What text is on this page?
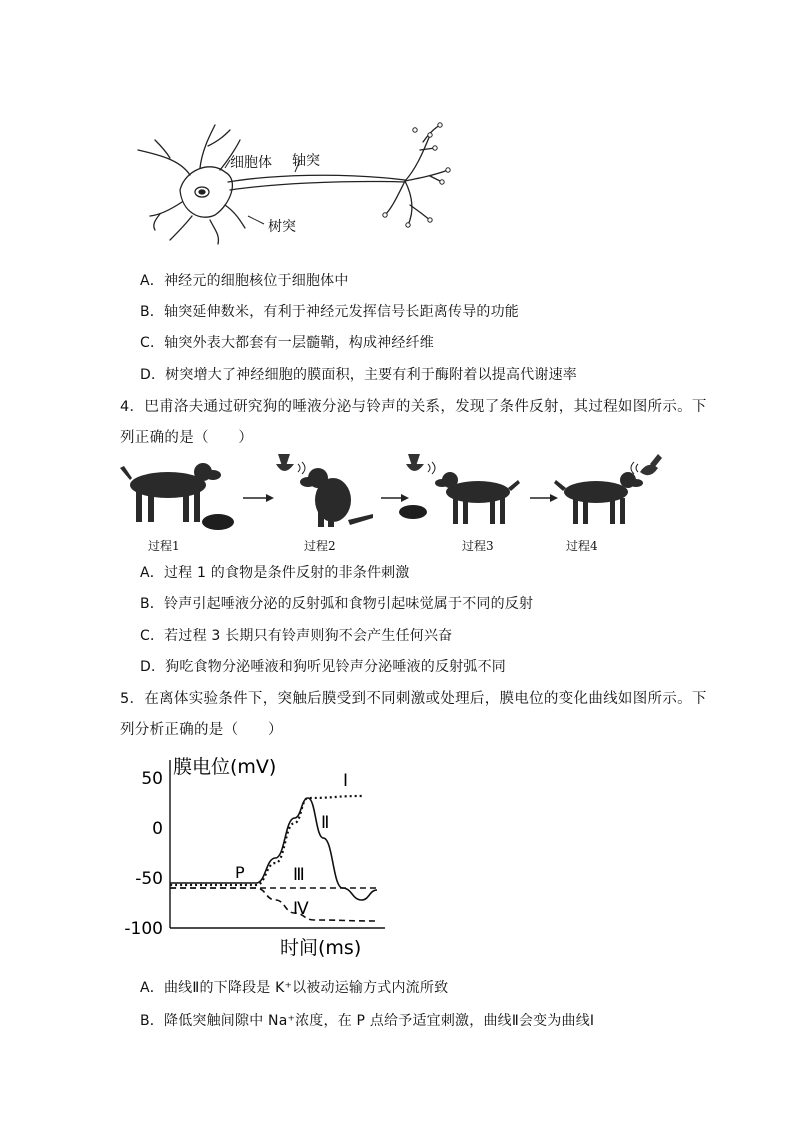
细胞体 轴突
树突
A．神经元的细胞核位于细胞体中
B．轴突延伸数米，有利于神经元发挥信号长距离传导的功能
C．轴突外表大都套有一层髓鞘，构成神经纤维
D．树突增大了神经细胞的膜面积，主要有利于酶附着以提高代谢速率
4．巴甫洛夫通过研究狗的唾液分泌与铃声的关系，发现了条件反射，其过程如图所示。下
列正确的是（　　）
过程1	过程2	过程3	过程4
A．过程 1 的食物是条件反射的非条件刺激
B．铃声引起唾液分泌的反射弧和食物引起味觉属于不同的反射
C．若过程 3 长期只有铃声则狗不会产生任何兴奋
D．狗吃食物分泌唾液和狗听见铃声分泌唾液的反射弧不同
5．在离体实验条件下，突触后膜受到不同刺激或处理后，膜电位的变化曲线如图所示。下
列分析正确的是（　　）
膜电位(mV)
时间(ms)
50
0
-50
-100
P
Ⅰ
Ⅱ
Ⅲ
Ⅳ
A．曲线Ⅱ的下降段是 K⁺以被动运输方式内流所致
B．降低突触间隙中 Na⁺浓度，在 P 点给予适宜刺激，曲线Ⅱ会变为曲线Ⅰ
